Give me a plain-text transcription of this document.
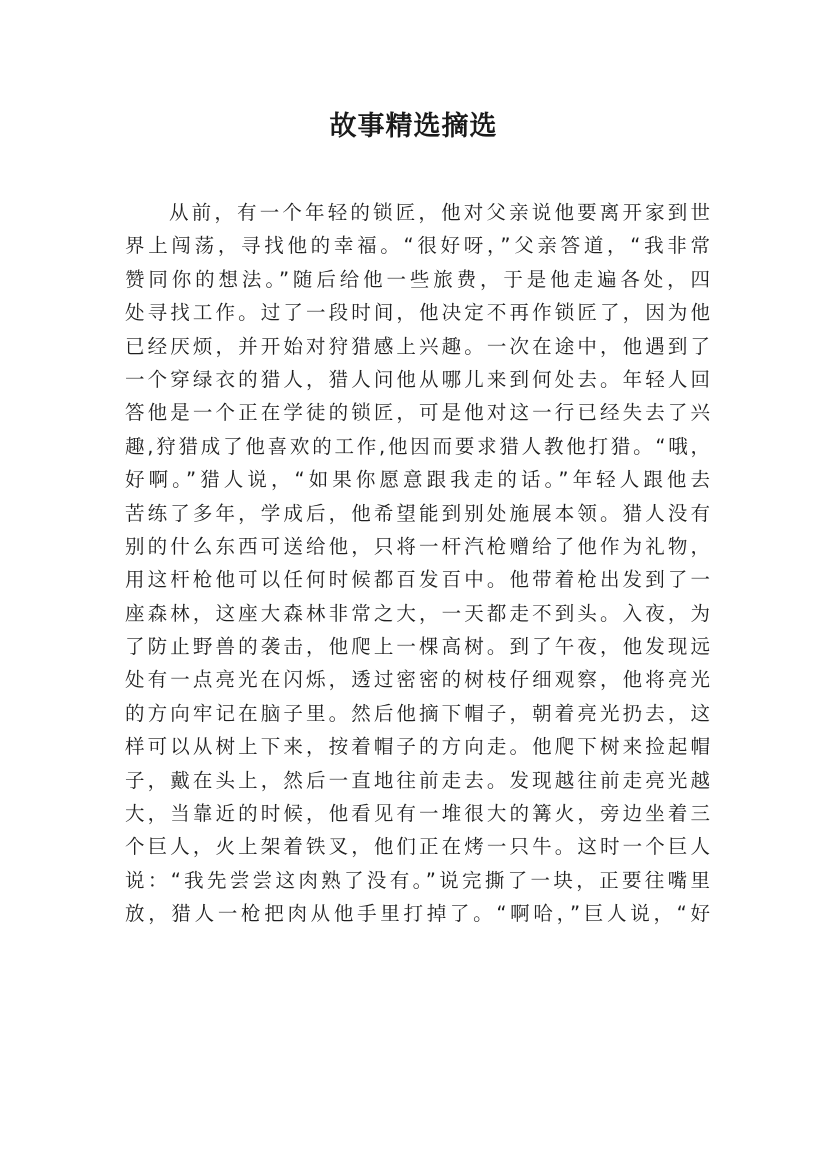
故事精选摘选
从前，有一个年轻的锁匠，他对父亲说他要离开家到世
界上闯荡，寻找他的幸福。“很好呀，”父亲答道，“我非常
赞同你的想法。”随后给他一些旅费，于是他走遍各处，四
处寻找工作。过了一段时间，他决定不再作锁匠了，因为他
已经厌烦，并开始对狩猎感上兴趣。一次在途中，他遇到了
一个穿绿衣的猎人，猎人问他从哪儿来到何处去。年轻人回
答他是一个正在学徒的锁匠，可是他对这一行已经失去了兴
趣,狩猎成了他喜欢的工作,他因而要求猎人教他打猎。“哦，
好啊。”猎人说，“如果你愿意跟我走的话。”年轻人跟他去
苦练了多年，学成后，他希望能到别处施展本领。猎人没有
别的什么东西可送给他，只将一杆汽枪赠给了他作为礼物，
用这杆枪他可以任何时候都百发百中。他带着枪出发到了一
座森林，这座大森林非常之大，一天都走不到头。入夜，为
了防止野兽的袭击，他爬上一棵高树。到了午夜，他发现远
处有一点亮光在闪烁，透过密密的树枝仔细观察，他将亮光
的方向牢记在脑子里。然后他摘下帽子，朝着亮光扔去，这
样可以从树上下来，按着帽子的方向走。他爬下树来捡起帽
子，戴在头上，然后一直地往前走去。发现越往前走亮光越
大，当靠近的时候，他看见有一堆很大的篝火，旁边坐着三
个巨人，火上架着铁叉，他们正在烤一只牛。这时一个巨人
说：“我先尝尝这肉熟了没有。”说完撕了一块，正要往嘴里
放，猎人一枪把肉从他手里打掉了。“啊哈，”巨人说，“好
